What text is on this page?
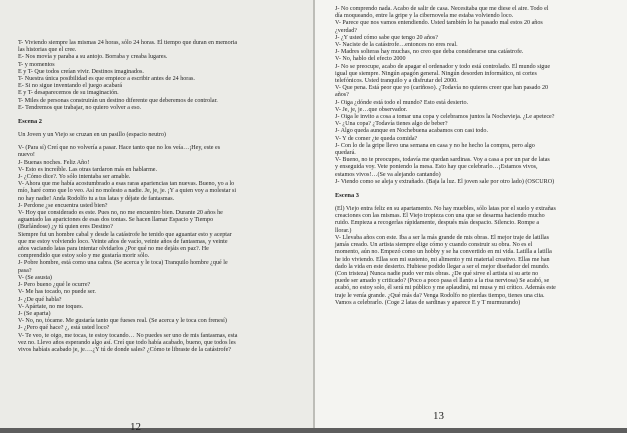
T- Viviendo siempre las mismas 24 horas, sólo 24 horas. El tiempo que duran en memoria

las historias que el cree.

E- Nos movía y paraba a su antojo. Borraba y creaba lugares.

T- y momentos

E y T- Que todos creían vivir. Destinos imaginados.

T- Nuestra única posibilidad es que empiece a escribir antes de 24 horas.

E- Si no sigue inventando el juego acabará

E y T- desaparecemos de su imaginación.

T- Miles de personas construirán un destino diferente que deberemos de controlar.

E- Tendremos que trabajar, no quiero volver a eso.

Escena 2

Un Joven y un Viejo se cruzan en un pasillo (espacio neutro)

V- (Para sí) Creí que no volvería a pasar. Hace tanto que no los veía…¡Hey, este es

nuevo!

J- Buenas noches. Feliz Año!

V- Esto es increíble. Las otras tardaron más en hablarme.

J- ¿Cómo dice?. Yo sólo intentaba ser amable.

V- Ahora que me había acostumbrado a esas raras apariencias tan nuevas. Bueno, yo a lo

mío, haré como que lo veo. Así no molesto a nadie. Je, je, je. ¡Y a quien voy a molestar si

no hay nadie! Anda Rodolfo tu a tus latas y déjate de fantasmas.

J- Perdone ¿se encuentra usted bien?

V- Hoy que considerado es este. Pues no, no me encuentro bien. Durante 20 años he

aguantado las apariciones de esas dos tontas. Se hacen llamar Espacio y Tiempo

(Burlándose) ¿y tú quien eres Destino?

Siempre fui un hombre cabal y desde la catástrofe he tenido que aguantar esto y aceptar

que me estoy volviendo loco. Veinte años de vacío, veinte años de fantasmas, y veinte

años vaciando latas para intentar olvidarlos ¿Por qué no me dejáis en paz?. He

comprendido que estoy solo y me gustaría morir sólo.

J- Pobre hombre, está como una cabra. (Se acerca y le toca) Tranquilo hombre ¿qué le

pasa?

V- (Se asusta)

J- Pero bueno ¿qué le ocurre?

V- Me has tocado, no puede ser.

J- ¿De qué habla?

V- Apártate, no me toques.

J- (Se aparta)

V- No, no, tócame. Me gustaría tanto que fueses real. (Se acerca y le toca con frenesí)

J- ¿Pero qué hace? ¿, está usted loco?

V- Te veo, te oigo, me tocas, te estoy tocando… No puedes ser uno de mis fantasmas, esta

vez no. Llevo años esperando algo así. Creí que todo había acabado, bueno, que todos les

vivos habíais acabado je, je….¿Y tú de donde sales? ¿Cómo te libraste de la catástrofe?

J- No comprendo nada. Acabo de salir de casa. Necesitaba que me diese el aire. Todo el

día moqueando, entre la gripe y la cibernovela me estaba volviendo loco.

V- Parece que nos vamos entendiendo. Usted también lo ha pasado mal estos 20 años

¿verdad?

J- ¿Y usted cómo sabe que tengo 20 años?

V- Naciste de la catástrofe…entonces no eres real.

J- Madres solteras hay muchas, no creo que deba considerarse una catástrofe.

V- No, hablo del efecto 2000

J- No se preocupe, acabo de apagar el ordenador y todo está controlado. El mundo sigue

igual que siempre. Ningún apagón general. Ningún desorden informático, ni cortes

telefónicos. Usted tranquilo y a disfrutar del 2000.

V- Que pena. Está peor que yo (cariñoso). ¿Todavía no quieres creer que han pasado 20

años?

J- Oiga ¿dónde está todo el mundo? Esto está desierto.

V- Je, je, je…que observador.

J- Oiga le invito a cosa a tomar una copa y celebramos juntos la Nochevieja. ¿Le apetece?

V- ¿Una copa? ¿Todavía tienes algo de beber?

J- Algo queda aunque en Nochebuena acabamos con casi todo.

V- Y de comer ¿te queda comida?

J- Con lo de la gripe llevo una semana en casa y no he hecho la compra, pero algo

quedará.

V- Bueno, no te preocupes, todavía me quedan sardinas. Voy a casa a por un par de latas

y enseguida voy. Vete poniendo la mesa. Esto hay que celebrarlo…¡Estamos vivos,

estamos vivos!…(Se va alejando cantando)

J- Viendo como se aleja y extrañado. (Baja la luz. El joven sale por otro lado) (OSCURO)

Escena 3

(El) Viejo entra feliz en su apartamento. No hay muebles, sólo latas por el suelo y extrañas

creaciones con las mismas. El Viejo tropieza con una que se desarma haciendo mucho

ruido. Empieza a recogerlas rápidamente, después más despacio. Silencio. Rompe a

llorar.)

V- Llevaba años con este. Iba a ser la más grande de mis obras. El mejor traje de latillas

jamás creado. Un artista siempre elige cómo y cuando construir su obra. No es el

momento, aún no. Empezó como un hobby y se ha convertido en mi vida. Latilla a latilla

he ido viviendo. Ellas son mi sustento, mi alimento y mi material creativo. Ellas me han

dado la vida en este desierto. Hubiese podido llegar a ser el mejor diseñador del mundo.

(Con tristeza) Nunca nadie pudo ver mis obras. ¿De qué sirve el artista si su arte no

puede ser amado y criticado? (Poco a poco pasa el llanto a la risa nerviosa) Se acabó, se

acabó, no estoy solo, él será mi público y me aplaudirá, mi musa y mi crítico. Además este

traje le venía grande. ¿Qué más da? Venga Rodolfo no pierdas tiempo, tienes una cita.

Vamos a celebrarlo. (Coge 2 latas de sardinas y aparece E y T murmurando)

12
13
